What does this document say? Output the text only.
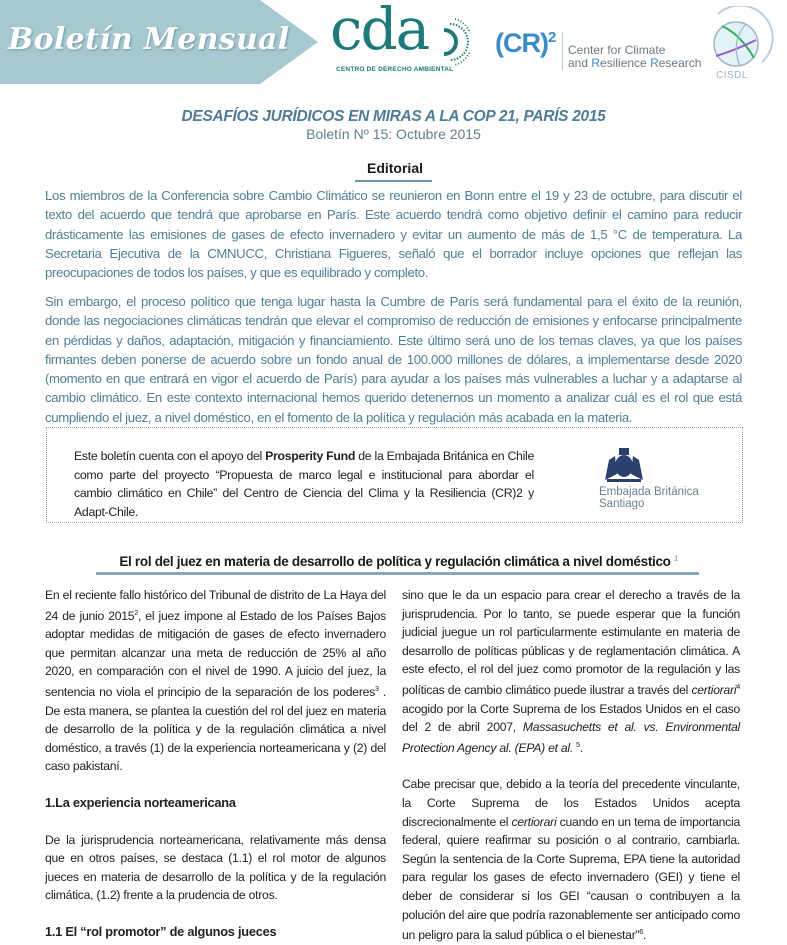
Boletín Mensual cda
CENTRO DE DERECHO AMBIENTAL
(CR)$^2$
Center for Climate
and Resilience Research
CISDL
DESAFÍOS JURÍDICOS EN MIRAS A LA COP 21, PARÍS 2015
Boletín Nº 15: Octubre 2015
Editorial
Los miembros de la Conferencia sobre Cambio Climático se reunieron en Bonn entre el 19 y 23 de octubre, para discutir el texto del acuerdo que tendrá que aprobarse en París. Este acuerdo tendrá como objetivo definir el camino para reducir drásticamente las emisiones de gases de efecto invernadero y evitar un aumento de más de 1,5 °C de temperatura. La Secretaria Ejecutiva de la CMNUCC, Christiana Figueres, señaló que el borrador incluye opciones que reflejan las preocupaciones de todos los países, y que es equilibrado y completo.
Sin embargo, el proceso político que tenga lugar hasta la Cumbre de París será fundamental para el éxito de la reunión, donde las negociaciones climáticas tendrán que elevar el compromiso de reducción de emisiones y enfocarse principalmente en pérdidas y daños, adaptación, mitigación y financiamiento. Este último será uno de los temas claves, ya que los países firmantes deben ponerse de acuerdo sobre un fondo anual de 100.000 millones de dólares, a implementarse desde 2020 (momento en que entrará en vigor el acuerdo de París) para ayudar a los países más vulnerables a luchar y a adaptarse al cambio climático. En este contexto internacional hemos querido detenernos un momento a analizar cuál es el rol que está cumpliendo el juez, a nivel doméstico, en el fomento de la política y regulación más acabada en la materia.
Este boletín cuenta con el apoyo del Prosperity Fund de la Embajada Británica en Chile como parte del proyecto “Propuesta de marco legal e institucional para abordar el cambio climático en Chile” del Centro de Ciencia del Clima y la Resiliencia (CR)2 y Adapt-Chile.
Embajada Británica
Santiago
El rol del juez en materia de desarrollo de política y regulación climática a nivel doméstico $^1$

En el reciente fallo histórico del Tribunal de distrito de La Haya del 24 de junio 2015$^2$, el juez impone al Estado de los Países Bajos adoptar medidas de mitigación de gases de efecto invernadero que permitan alcanzar una meta de reducción de 25% al año 2020, en comparación con el nivel de 1990. A juicio del juez, la sentencia no viola el principio de la separación de los poderes$^3$ . De esta manera, se plantea la cuestión del rol del juez en materia de desarrollo de la política y de la regulación climática a nivel doméstico, a través (1) de la experiencia norteamericana y (2) del caso pakistaní.

1.La experiencia norteamericana

De la jurisprudencia norteamericana, relativamente más densa que en otros países, se destaca (1.1) el rol motor de algunos jueces en materia de desarrollo de la política y de la regulación climática, (1.2) frente a la prudencia de otros.

1.1 El “rol promotor” de algunos jueces

sino que le da un espacio para crear el derecho a través de la jurisprudencia. Por lo tanto, se puede esperar que la función judicial juegue un rol particularmente estimulante en materia de desarrollo de políticas públicas y de reglamentación climática. A este efecto, el rol del juez como promotor de la regulación y las políticas de cambio climático puede ilustrar a través del certiorari$^4$ acogido por la Corte Suprema de los Estados Unidos en el caso del 2 de abril 2007, Massasuchetts et al. vs. Environmental Protection Agency al. (EPA) et al. $^5$.

Cabe precisar que, debido a la teoría del precedente vinculante, la Corte Suprema de los Estados Unidos acepta discrecionalmente el certiorari cuando en un tema de importancia federal, quiere reafirmar su posición o al contrario, cambiarla. Según la sentencia de la Corte Suprema, EPA tiene la autoridad para regular los gases de efecto invernadero (GEI) y tiene el deber de considerar si los GEI “causan o contribuyen a la polución del aire que podría razonablemente ser anticipado como un peligro para la salud pública o el bienestar”$^6$.
